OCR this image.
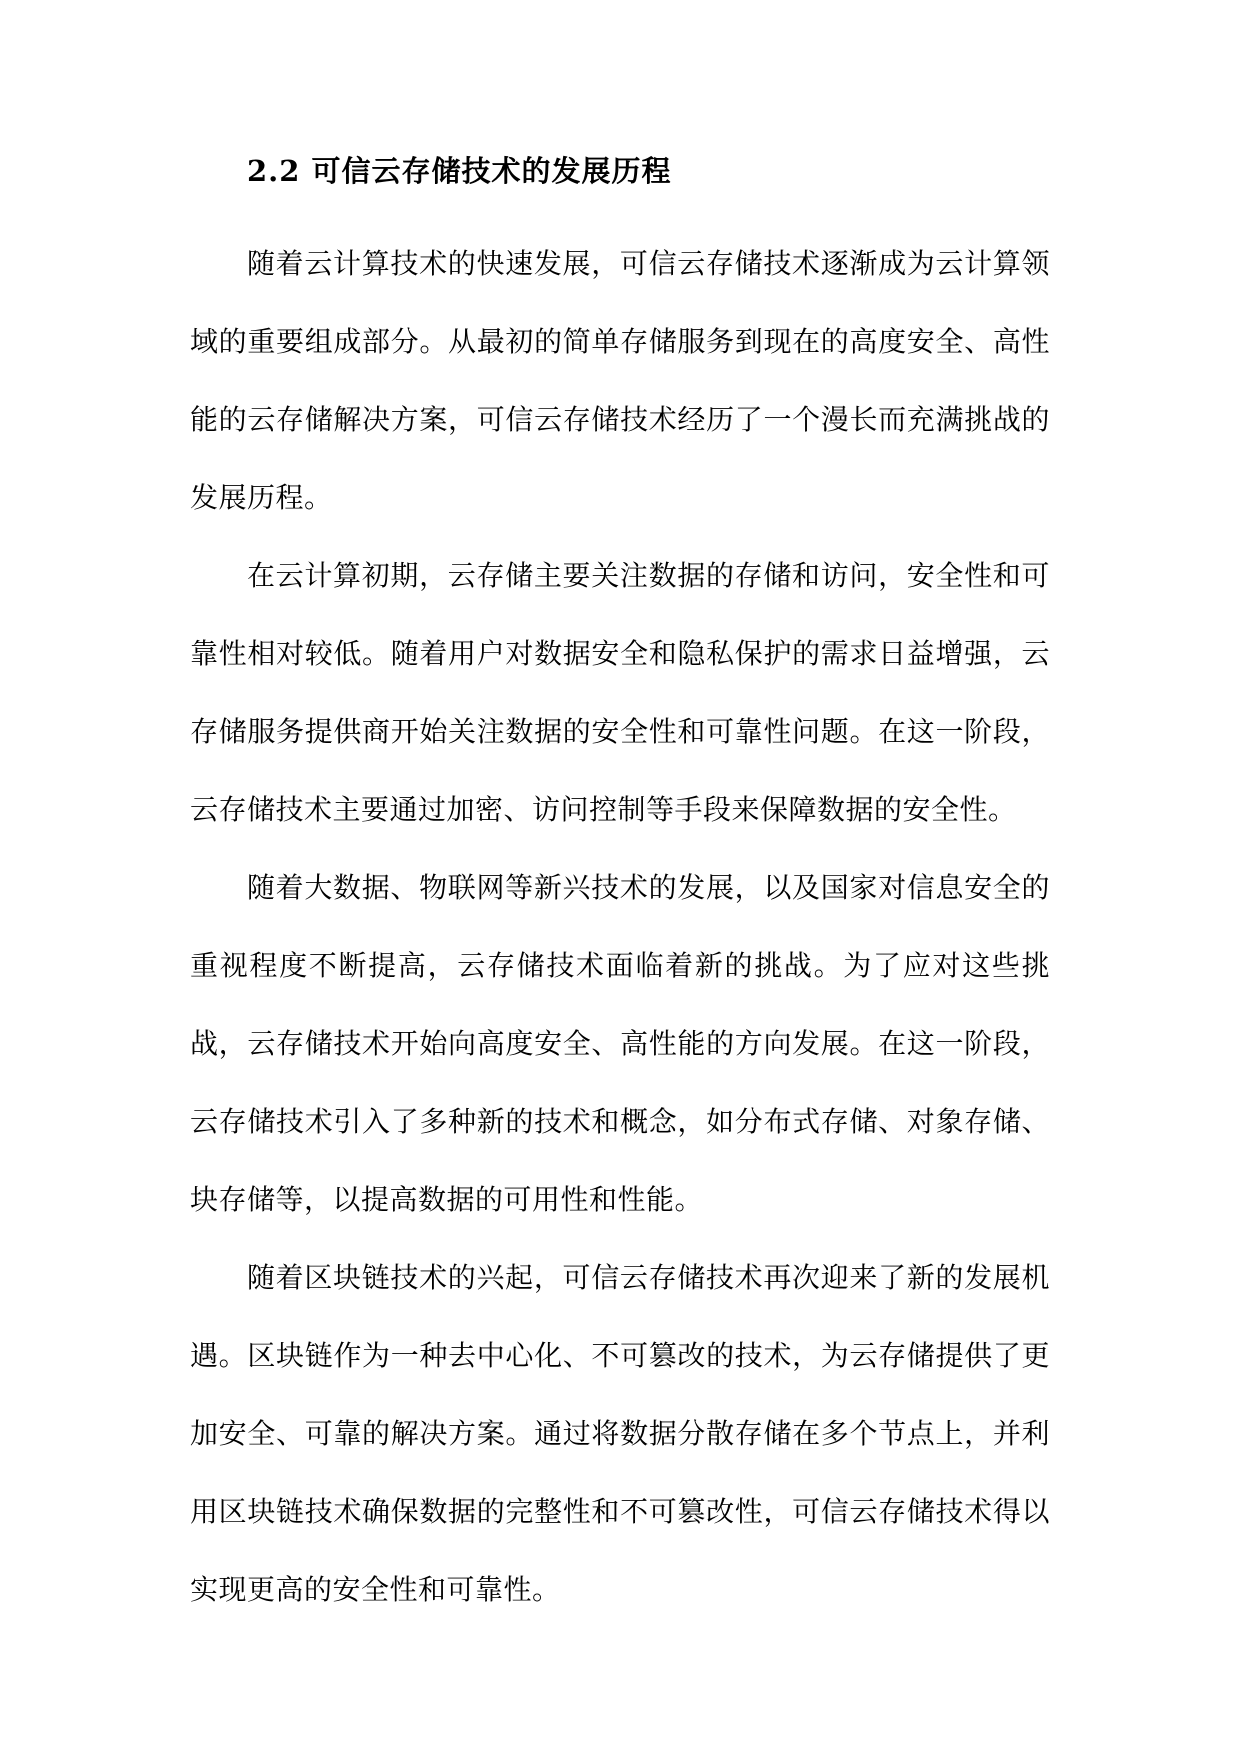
2.2 可信云存储技术的发展历程

随着云计算技术的快速发展，可信云存储技术逐渐成为云计算领域的重要组成部分。从最初的简单存储服务到现在的高度安全、高性能的云存储解决方案，可信云存储技术经历了一个漫长而充满挑战的发展历程。

在云计算初期，云存储主要关注数据的存储和访问，安全性和可靠性相对较低。随着用户对数据安全和隐私保护的需求日益增强，云存储服务提供商开始关注数据的安全性和可靠性问题。在这一阶段，云存储技术主要通过加密、访问控制等手段来保障数据的安全性。

随着大数据、物联网等新兴技术的发展，以及国家对信息安全的重视程度不断提高，云存储技术面临着新的挑战。为了应对这些挑战，云存储技术开始向高度安全、高性能的方向发展。在这一阶段，云存储技术引入了多种新的技术和概念，如分布式存储、对象存储、块存储等，以提高数据的可用性和性能。

随着区块链技术的兴起，可信云存储技术再次迎来了新的发展机遇。区块链作为一种去中心化、不可篡改的技术，为云存储提供了更加安全、可靠的解决方案。通过将数据分散存储在多个节点上，并利用区块链技术确保数据的完整性和不可篡改性，可信云存储技术得以实现更高的安全性和可靠性。
